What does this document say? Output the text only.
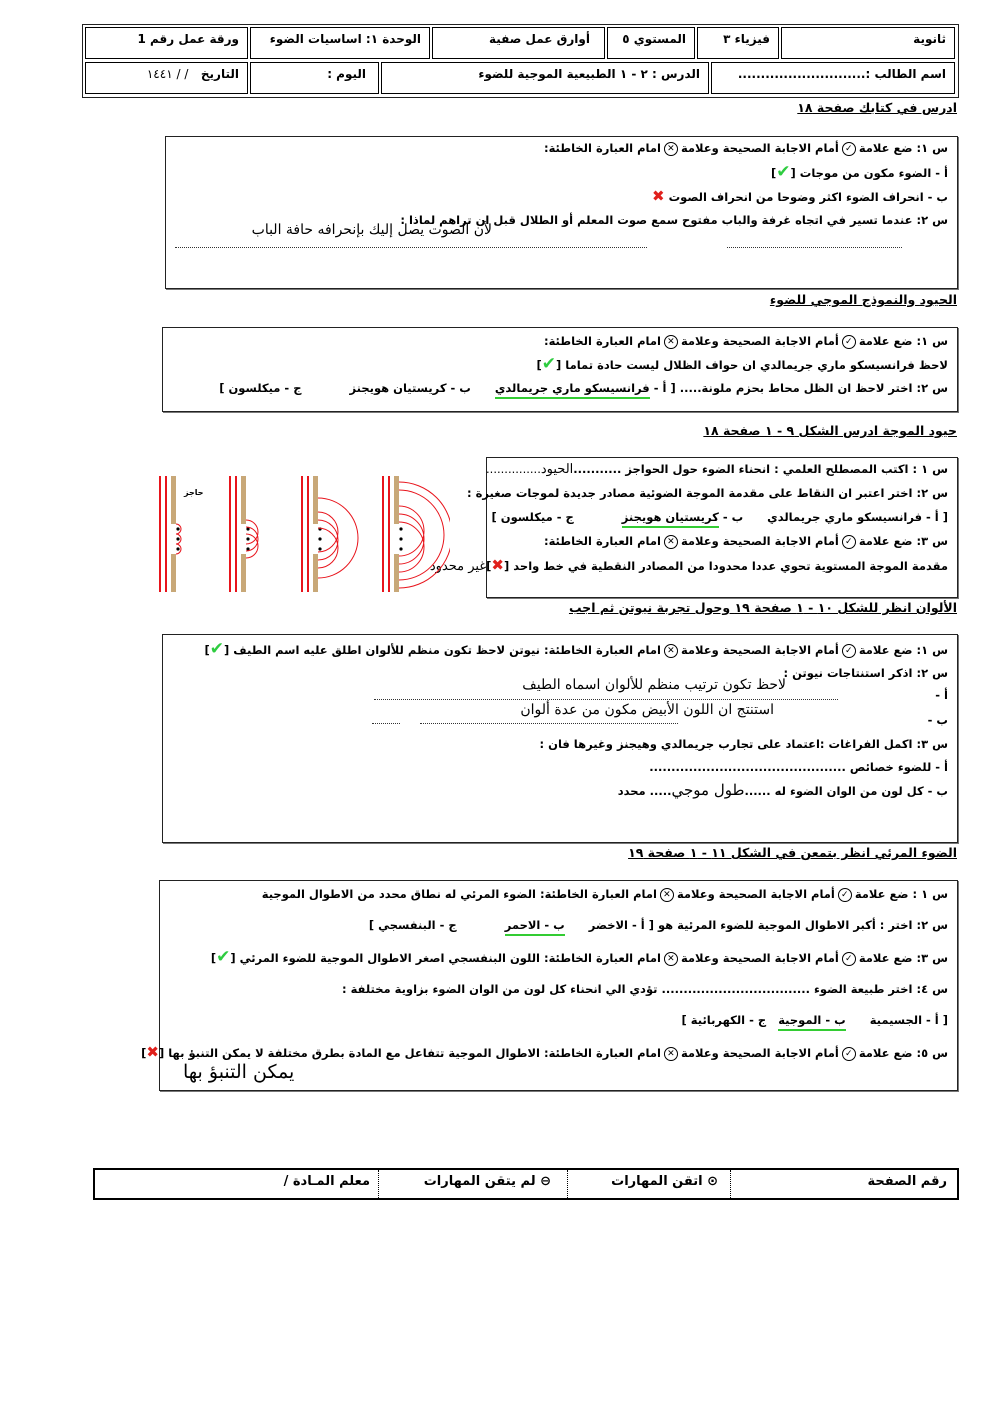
ثانوية
فيزياء ٣
المستوي ٥
أوارق عمل صفية
الوحدة ١: اساسيات الضوء
ورقة عمل رقم 1
اسم الطالب :............................
الدرس : ٢ - ١ الطبيعية الموجية للضوء
اليوم :
التاريخ   / / ١٤٤١
ادرس في كتابك صفحة ١٨
س ١: ضع علامة✓أمام الاجابة الصحيحة وعلامة✕امام العبارة الخاطئة:
أ - الضوء مكون من موجات [✔]
ب - انحراف الضوء اكثر وضوحا من انحراف الصوت ✖
س ٢: عندما تسير في اتجاه غرفة والباب مفتوح سمع صوت المعلم أو الطلال قبل ان تراهم لماذا :
لأن الصوت يصل إليك بإنحرافه حافة الباب
الحيود والنموذج الموجي للضوء
س ١: ضع علامة✓أمام الاجابة الصحيحة وعلامة✕امام العبارة الخاطئة:
لاحظ فرانسيسكو ماري جريمالدي ان حواف الظلال ليست حادة تماما [✔]
س ٢: اختر لاحظ ان الظل محاط بحزم ملونة..... [ أ - فرانسيسكو ماري جريمالديب - كريستيان هويجنزج - ميكلسون ]
حيود الموجة ادرس الشكل ٩ - ١ صفحة ١٨
س ١ : اكتب المصطلح العلمي : انحناء الضوء حول الحواجز ...........الحيود...............
س ٢: اختر اعتبر ان النقاط على مقدمة الموجة الضوئية مصادر جديدة لموجات صغيرة :
[ أ - فرانسيسكو ماري جريمالديب - كريستيان هويجنزج - ميكلسون ]
س ٣: ضع علامة✓أمام الاجابة الصحيحة وعلامة✕امام العبارة الخاطئة:
مقدمة الموجة المستوية تحوي عددا محدودا من المصادر النقطية في خط واحد [✖]غير محدود
حاجز
الألوان انظر للشكل ١٠ - ١ صفحة ١٩ وحول تجربة نيوتن ثم اجب
س ١: ضع علامة✓أمام الاجابة الصحيحة وعلامة✕امام العبارة الخاطئة: نيوتن لاحظ تكون منظم للألوان اطلق عليه اسم الطيف [✔]
س ٢: اذكر استنتاجات نيوتن :
أ -
لاحظ تكون ترتيب منظم للألوان اسماه الطيف
ب -
استنتج ان اللون الأبيض مكون من عدة ألوان
س ٣: اكمل الفراغات :اعتماد على تجارب جريمالدي وهيجنز وغيرها فان :
أ - للضوء خصائص .............................................
ب - كل لون من الوان الضوء له ......طول موجي..... محدد
الضوء المرئي انظر بتمعن في الشكل ١١ - ١ صفحة ١٩
س ١ : ضع علامة✓أمام الاجابة الصحيحة وعلامة✕امام العبارة الخاطئة: الضوء المرئي له نطاق محدد من الاطوال الموجية
س ٢: اختر : أكبر الاطوال الموجية للضوء المرئية هو [ أ - الاخضرب - الاحمرج - البنفسجي ]
س ٣: ضع علامة✓أمام الاجابة الصحيحة وعلامة✕امام العبارة الخاطئة: اللون البنفسجي اصغر الاطوال الموجية للضوء المرئي [✔]
س ٤: اختر طبيعة الضوء .................................. تؤدي الي انحناء كل لون من الوان الضوء بزاوية مختلفة :
[ أ - الجسيميةب - الموجية   ج - الكهربائية ]
س ٥: ضع علامة✓أمام الاجابة الصحيحة وعلامة✕امام العبارة الخاطئة: الاطوال الموجية تتفاعل مع المادة بطرق مختلفة لا يمكن التنبؤ بها [✖]
يمكن التنبؤ بها
رقم الصفحة
⊙ اتقن المهارات
⊖ لم يتقن المهارات
معلم المـادة /
